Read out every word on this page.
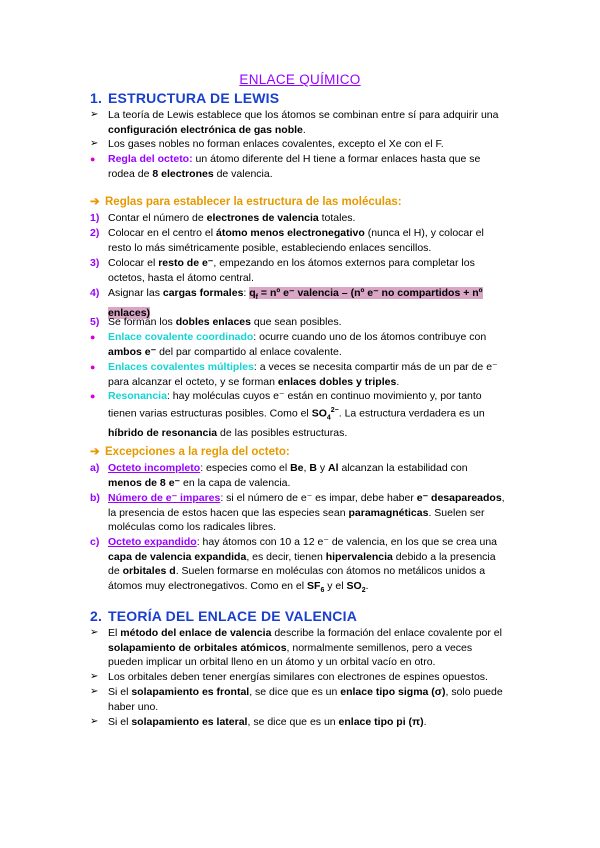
ENLACE QUÍMICO
1. ESTRUCTURA DE LEWIS
➢ La teoría de Lewis establece que los átomos se combinan entre sí para adquirir una
configuración electrónica de gas noble.
➢ Los gases nobles no forman enlaces covalentes, excepto el Xe con el F.
● Regla del octeto: un átomo diferente del H tiene a formar enlaces hasta que se
rodea de 8 electrones de valencia.
➔ Reglas para establecer la estructura de las moléculas:
1) Contar el número de electrones de valencia totales.
2) Colocar en el centro el átomo menos electronegativo (nunca el H), y colocar el
resto lo más simétricamente posible, estableciendo enlaces sencillos.
3) Colocar el resto de e⁻, empezando en los átomos externos para completar los
octetos, hasta el átomo central.
4) Asignar las cargas formales: $q_f$ = nº e⁻ valencia – (nº e⁻ no compartidos + nº
enlaces)
5) Se forman los dobles enlaces que sean posibles.
● Enlace covalente coordinado: ocurre cuando uno de los átomos contribuye con
ambos e⁻ del par compartido al enlace covalente.
● Enlaces covalentes múltiples: a veces se necesita compartir más de un par de e⁻
para alcanzar el octeto, y se forman enlaces dobles y triples.
● Resonancia: hay moléculas cuyos e⁻ están en continuo movimiento y, por tanto
tienen varias estructuras posibles. Como el $SO_4^{2-}$. La estructura verdadera es un
híbrido de resonancia de las posibles estructuras.
➔ Excepciones a la regla del octeto:
a) Octeto incompleto: especies como el Be, B y Al alcanzan la estabilidad con
menos de 8 e⁻ en la capa de valencia.
b) Número de e⁻ impares: si el número de e⁻ es impar, debe haber e⁻ desapareados,
la presencia de estos hacen que las especies sean paramagnéticas. Suelen ser
moléculas como los radicales libres.
c) Octeto expandido: hay átomos con 10 a 12 e⁻ de valencia, en los que se crea una
capa de valencia expandida, es decir, tienen hipervalencia debido a la presencia
de orbitales d. Suelen formarse en moléculas con átomos no metálicos unidos a
átomos muy electronegativos. Como en el $SF_6$ y el $SO_2$.
2. TEORÍA DEL ENLACE DE VALENCIA
➢ El método del enlace de valencia describe la formación del enlace covalente por el
solapamiento de orbitales atómicos, normalmente semillenos, pero a veces
pueden implicar un orbital lleno en un átomo y un orbital vacío en otro.
➢ Los orbitales deben tener energías similares con electrones de espines opuestos.
➢ Si el solapamiento es frontal, se dice que es un enlace tipo sigma (σ), solo puede
haber uno.
➢ Si el solapamiento es lateral, se dice que es un enlace tipo pi (π).
